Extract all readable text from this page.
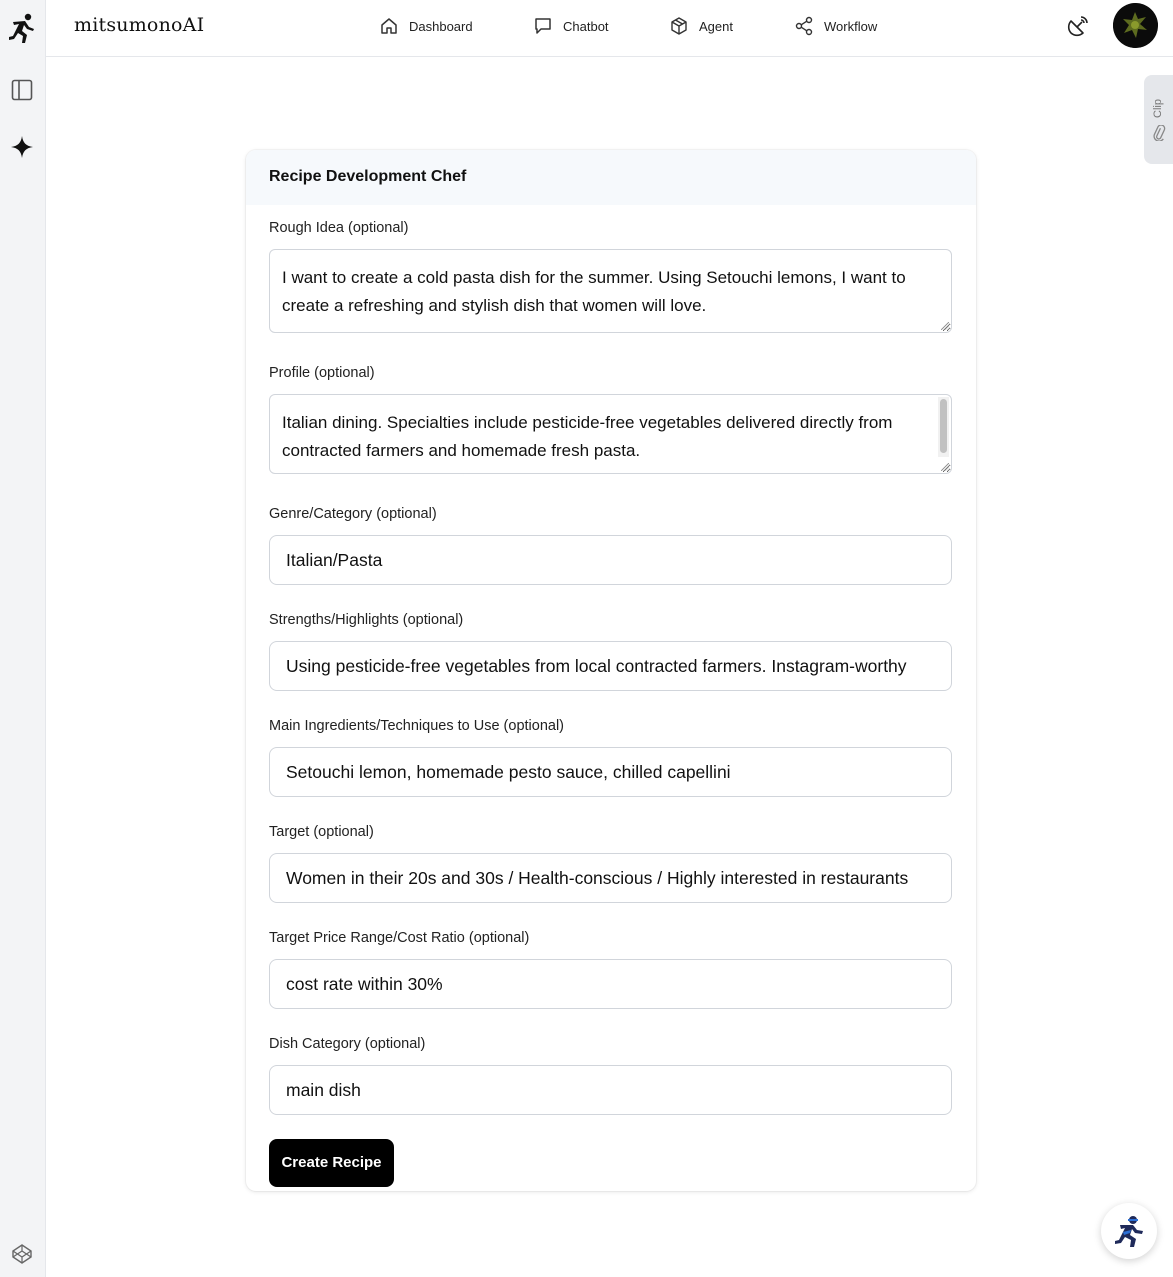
mitsumonoAI	Dashboard	Chatbot	Agent	Workflow
Clip
Recipe Development Chef
Rough Idea (optional)
I want to create a cold pasta dish for the summer. Using Setouchi lemons, I want to create a refreshing and stylish dish that women will love.
Profile (optional)
Italian dining. Specialties include pesticide-free vegetables delivered directly from contracted farmers and homemade fresh pasta.
Genre/Category (optional)
Italian/Pasta
Strengths/Highlights (optional)
Using pesticide-free vegetables from local contracted farmers. Instagram-worthy
Main Ingredients/Techniques to Use (optional)
Setouchi lemon, homemade pesto sauce, chilled capellini
Target (optional)
Women in their 20s and 30s / Health-conscious / Highly interested in restaurants
Target Price Range/Cost Ratio (optional)
cost rate within 30%
Dish Category (optional)
main dish
Create Recipe
